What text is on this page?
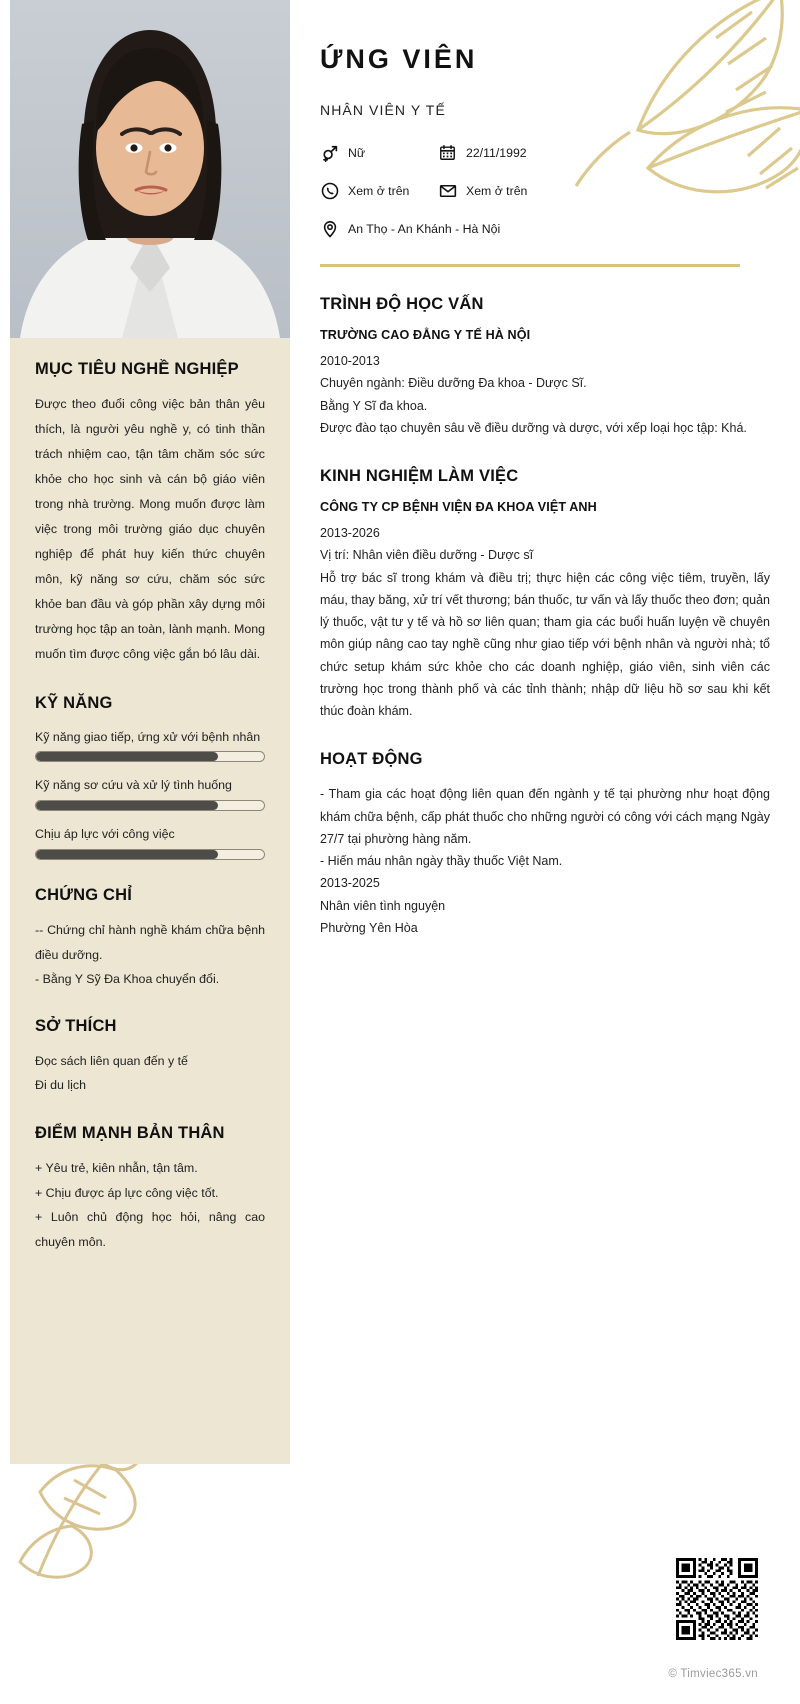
MỤC TIÊU NGHỀ NGHIỆP

Được theo đuổi công việc bản thân yêu thích, là người yêu nghề y, có tinh thần trách nhiệm cao, tận tâm chăm sóc sức khỏe cho học sinh và cán bộ giáo viên trong nhà trường. Mong muốn được làm việc trong môi trường giáo dục chuyên nghiệp để phát huy kiến thức chuyên môn, kỹ năng sơ cứu, chăm sóc sức khỏe ban đầu và góp phần xây dựng môi trường học tập an toàn, lành mạnh. Mong muốn tìm được công việc gắn bó lâu dài.

KỸ NĂNG
Kỹ năng giao tiếp, ứng xử với bệnh nhân
Kỹ năng sơ cứu và xử lý tình huống
Chịu áp lực với công việc
CHỨNG CHỈ

-- Chứng chỉ hành nghề khám chữa bệnh điều dưỡng.

- Bằng Y Sỹ Đa Khoa chuyển đổi.

SỞ THÍCH

Đọc sách liên quan đến y tế

Đi du lịch

ĐIỂM MẠNH BẢN THÂN

+ Yêu trẻ, kiên nhẫn, tận tâm.

+ Chịu được áp lực công việc tốt.

+ Luôn chủ động học hỏi, nâng cao chuyên môn.

ỨNG VIÊN
NHÂN VIÊN Y TẾ
Nữ	22/11/1992
Xem ở trên	Xem ở trên
An Thọ - An Khánh - Hà Nội
TRÌNH ĐỘ HỌC VẤN
TRƯỜNG CAO ĐẲNG Y TẾ HÀ NỘI
2010-2013
Chuyên ngành: Điều dưỡng Đa khoa - Dược Sĩ.
Bằng Y Sĩ đa khoa.
Được đào tạo chuyên sâu về điều dưỡng và dược, với xếp loại học tập: Khá.
KINH NGHIỆM LÀM VIỆC
CÔNG TY CP BỆNH VIỆN ĐA KHOA VIỆT ANH
2013-2026
Vị trí: Nhân viên điều dưỡng - Dược sĩ
Hỗ trợ bác sĩ trong khám và điều trị; thực hiện các công việc tiêm, truyền, lấy máu, thay băng, xử trí vết thương; bán thuốc, tư vấn và lấy thuốc theo đơn; quản lý thuốc, vật tư y tế và hồ sơ liên quan; tham gia các buổi huấn luyện về chuyên môn giúp nâng cao tay nghề cũng như giao tiếp với bệnh nhân và người nhà; tổ chức setup khám sức khỏe cho các doanh nghiệp, giáo viên, sinh viên các trường học trong thành phố và các tỉnh thành; nhập dữ liệu hồ sơ sau khi kết thúc đoàn khám.
HOẠT ĐỘNG
- Tham gia các hoạt động liên quan đến ngành y tế tại phường như hoạt động khám chữa bệnh, cấp phát thuốc cho những người có công với cách mạng Ngày 27/7 tại phường hàng năm.
- Hiến máu nhân ngày thầy thuốc Việt Nam.
2013-2025
Nhân viên tình nguyện
Phường Yên Hòa
© Timviec365.vn
